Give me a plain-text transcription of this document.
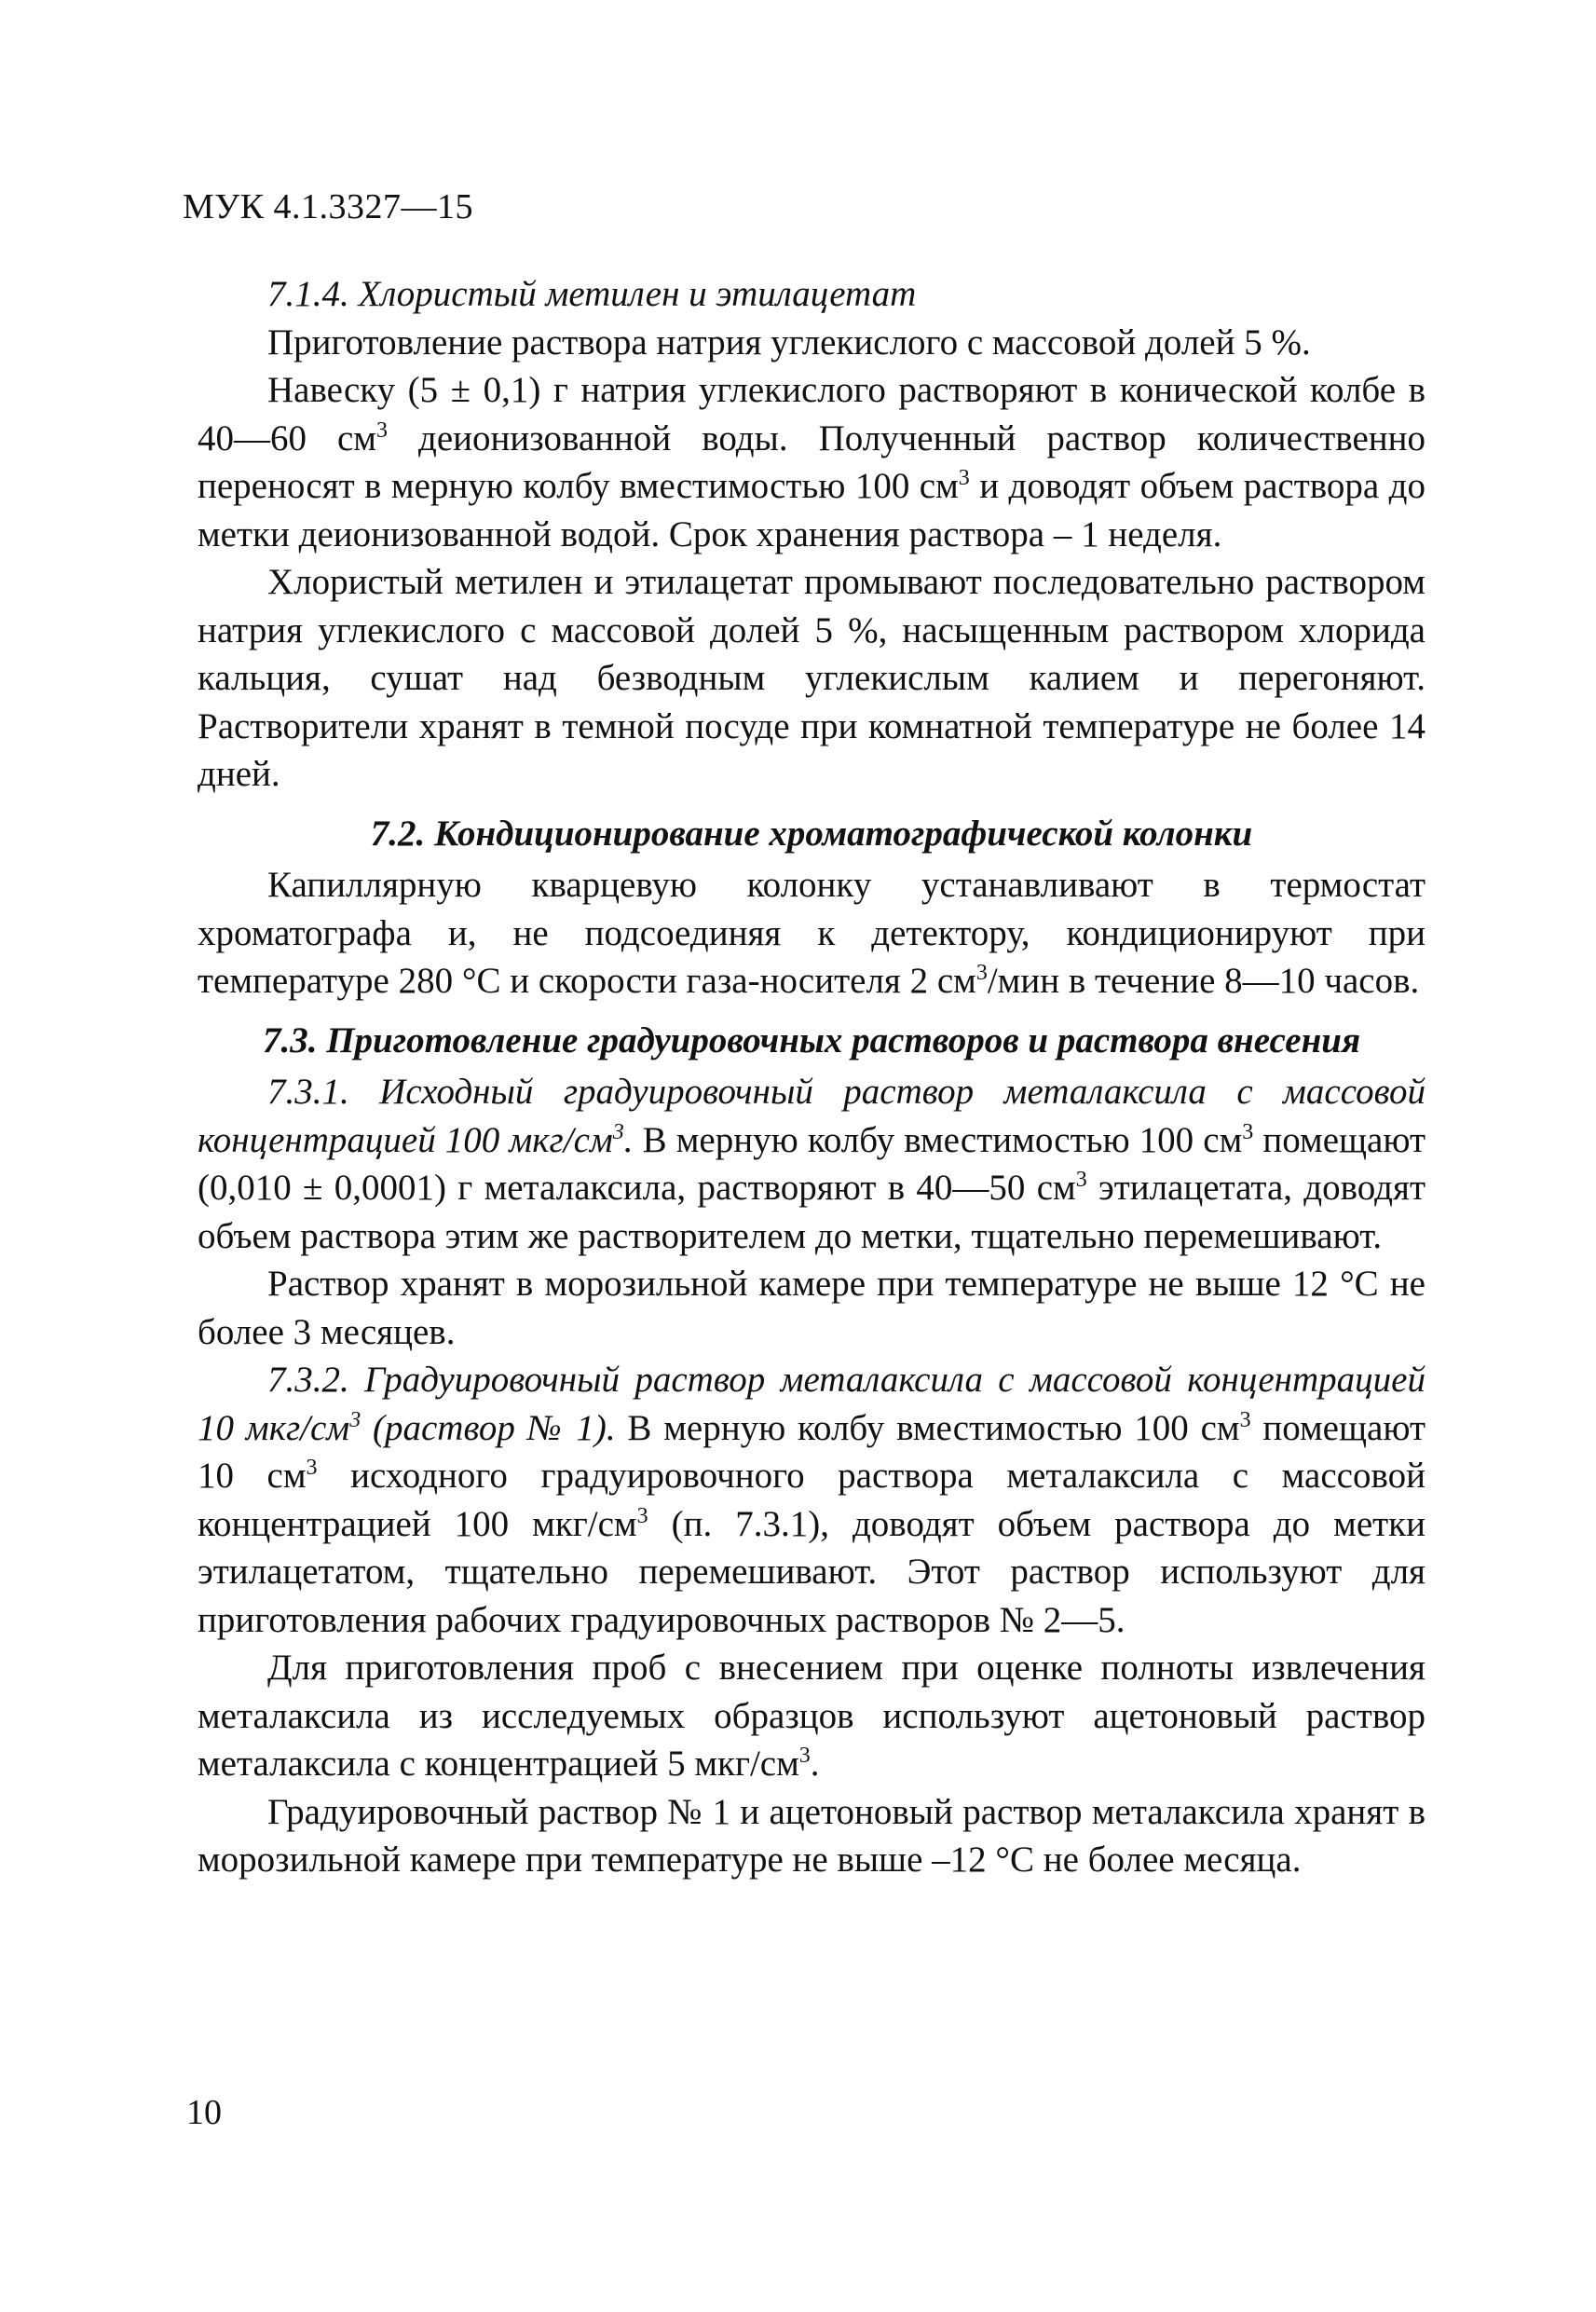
МУК 4.1.3327—15

7.1.4. Хлористый метилен и этилацетат

Приготовление раствора натрия углекислого с массовой долей 5 %.

Навеску (5 ± 0,1) г натрия углекислого растворяют в конической колбе в 40—60 $см^3$ деионизованной воды. Полученный раствор количественно переносят в мерную колбу вместимостью 100 $см^3$ и доводят объем раствора до метки деионизованной водой. Срок хранения раствора – 1 неделя.

Хлористый метилен и этилацетат промывают последовательно раствором натрия углекислого с массовой долей 5 %, насыщенным раствором хлорида кальция, сушат над безводным углекислым калием и перегоняют. Растворители хранят в темной посуде при комнатной температуре не более 14 дней.

7.2. Кондиционирование хроматографической колонки

Капиллярную кварцевую колонку устанавливают в термостат хроматографа и, не подсоединяя к детектору, кондиционируют при температуре 280 °С и скорости газа-носителя 2 $см^3$/мин в течение 8—10 часов.

7.3. Приготовление градуировочных растворов и раствора внесения

7.3.1. Исходный градуировочный раствор металаксила с массовой концентрацией 100 мкг/$см^3$. В мерную колбу вместимостью 100 $см^3$ помещают (0,010 ± 0,0001) г металаксила, растворяют в 40—50 $см^3$ этилацетата, доводят объем раствора этим же растворителем до метки, тщательно перемешивают.

Раствор хранят в морозильной камере при температуре не выше 12 °С не более 3 месяцев.

7.3.2. Градуировочный раствор металаксила с массовой концентрацией 10 мкг/$см^3$ (раствор № 1). В мерную колбу вместимостью 100 $см^3$ помещают 10 $см^3$ исходного градуировочного раствора металаксила с массовой концентрацией 100 мкг/$см^3$ (п. 7.3.1), доводят объем раствора до метки этилацетатом, тщательно перемешивают. Этот раствор используют для приготовления рабочих градуировочных растворов № 2—5.

Для приготовления проб с внесением при оценке полноты извлечения металаксила из исследуемых образцов используют ацетоновый раствор металаксила с концентрацией 5 мкг/$см^3$.

Градуировочный раствор № 1 и ацетоновый раствор металаксила хранят в морозильной камере при температуре не выше –12 °С не более месяца.

10
